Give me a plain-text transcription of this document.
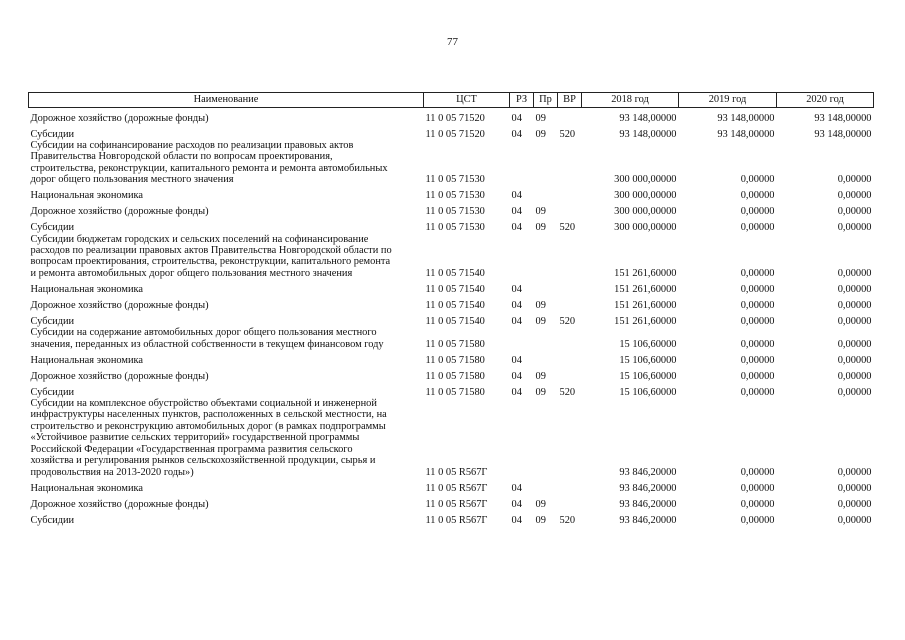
77
Наименование	ЦСТ	РЗ	Пр	ВР	2018 год	2019 год	2020 год
Дорожное хозяйство (дорожные фонды)	11 0 05 71520	04	09		93 148,00000	93 148,00000	93 148,00000
Субсидии	11 0 05 71520	04	09	520	93 148,00000	93 148,00000	93 148,00000
Субсидии на софинансирование расходов по реализации правовых актов Правительства Новгородской области по вопросам проектирования, строительства, реконструкции, капитального ремонта и ремонта автомобильных дорог общего пользования местного значения	11 0 05 71530				300 000,00000	0,00000	0,00000
Национальная экономика	11 0 05 71530	04			300 000,00000	0,00000	0,00000
Дорожное хозяйство (дорожные фонды)	11 0 05 71530	04	09		300 000,00000	0,00000	0,00000
Субсидии	11 0 05 71530	04	09	520	300 000,00000	0,00000	0,00000
Субсидии бюджетам городских и сельских поселений на софинансирование расходов по реализации правовых актов Правительства Новгородской области по вопросам проектирования, строительства, реконструкции, капитального ремонта и ремонта автомобильных дорог общего пользования местного значения	11 0 05 71540				151 261,60000	0,00000	0,00000
Национальная экономика	11 0 05 71540	04			151 261,60000	0,00000	0,00000
Дорожное хозяйство (дорожные фонды)	11 0 05 71540	04	09		151 261,60000	0,00000	0,00000
Субсидии	11 0 05 71540	04	09	520	151 261,60000	0,00000	0,00000
Субсидии на содержание автомобильных дорог общего пользования местного значения, переданных из областной собственности в текущем финансовом году	11 0 05 71580				15 106,60000	0,00000	0,00000
Национальная экономика	11 0 05 71580	04			15 106,60000	0,00000	0,00000
Дорожное хозяйство (дорожные фонды)	11 0 05 71580	04	09		15 106,60000	0,00000	0,00000
Субсидии	11 0 05 71580	04	09	520	15 106,60000	0,00000	0,00000
Субсидии на комплексное обустройство объектами социальной и инженерной инфраструктуры населенных пунктов, расположенных в сельской местности, на строительство и реконструкцию автомобильных дорог (в рамках подпрограммы «Устойчивое развитие сельских территорий» государственной программы Российской Федерации «Государственная программа развития сельского хозяйства и регулирования рынков сельскохозяйственной продукции, сырья и продовольствия на 2013-2020 годы»)	11 0 05 R567Г				93 846,20000	0,00000	0,00000
Национальная экономика	11 0 05 R567Г	04			93 846,20000	0,00000	0,00000
Дорожное хозяйство (дорожные фонды)	11 0 05 R567Г	04	09		93 846,20000	0,00000	0,00000
Субсидии	11 0 05 R567Г	04	09	520	93 846,20000	0,00000	0,00000
